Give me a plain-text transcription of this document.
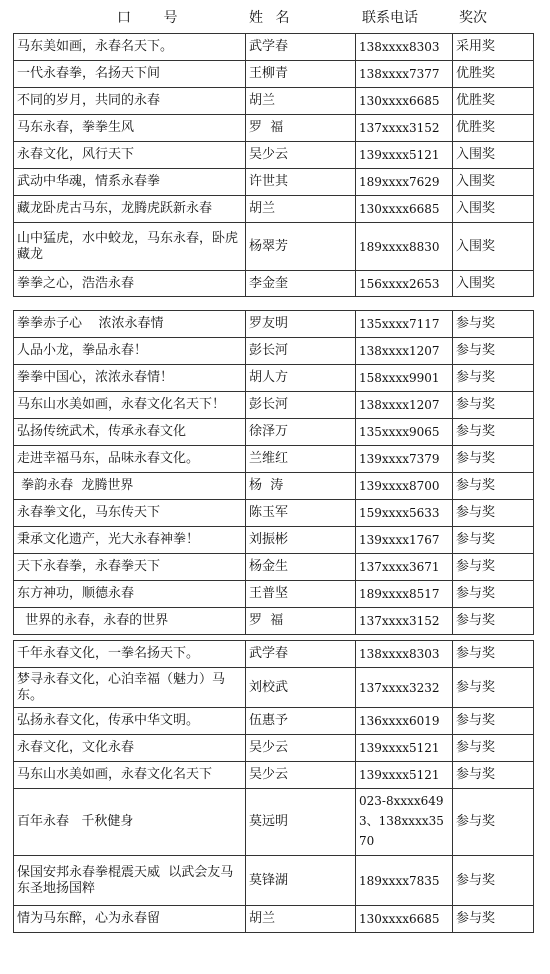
口 号	姓 名	联系电话	奖次
马东美如画，永春名天下。	武学春	138xxxx8303	采用奖
一代永春拳，名扬天下间	王柳青	138xxxx7377	优胜奖
不同的岁月，共同的永春	胡兰	130xxxx6685	优胜奖
马东永春，拳拳生风	罗  福	137xxxx3152	优胜奖
永春文化，风行天下	吴少云	139xxxx5121	入围奖
武动中华魂，情系永春拳	许世其	189xxxx7629	入围奖
藏龙卧虎古马东，龙腾虎跃新永春	胡兰	130xxxx6685	入围奖
山中猛虎，水中蛟龙，马东永春，卧虎藏龙	杨翠芳	189xxxx8830	入围奖
拳拳之心，浩浩永春	李金奎	156xxxx2653	入围奖
拳拳赤子心    浓浓永春情	罗友明	135xxxx7117	参与奖
人品小龙，拳品永春！	彭长河	138xxxx1207	参与奖
拳拳中国心，浓浓永春情！	胡人方	158xxxx9901	参与奖
马东山水美如画，永春文化名天下！	彭长河	138xxxx1207	参与奖
弘扬传统武术，传承永春文化	徐泽万	135xxxx9065	参与奖
走进幸福马东，品味永春文化。	兰维红	139xxxx7379	参与奖
拳韵永春  龙腾世界	杨  涛	139xxxx8700	参与奖
永春拳文化，马东传天下	陈玉军	159xxxx5633	参与奖
秉承文化遗产，光大永春神拳！	刘振彬	139xxxx1767	参与奖
天下永春拳，永春拳天下	杨金生	137xxxx3671	参与奖
东方神功，顺德永春	王普坚	189xxxx8517	参与奖
世界的永春，永春的世界	罗  福	137xxxx3152	参与奖
千年永春文化，一拳名扬天下。	武学春	138xxxx8303	参与奖
梦寻永春文化，心泊幸福（魅力）马东。	刘校武	137xxxx3232	参与奖
弘扬永春文化，传承中华文明。	伍惠予	136xxxx6019	参与奖
永春文化，文化永春	吴少云	139xxxx5121	参与奖
马东山水美如画，永春文化名天下	吴少云	139xxxx5121	参与奖
百年永春   千秋健身	莫远明	023-8xxxx6493、138xxxx3570	参与奖
保国安邦永春拳棍震天威  以武会友马东圣地扬国粹	莫锋湖	189xxxx7835	参与奖
情为马东醉，心为永春留	胡兰	130xxxx6685	参与奖
